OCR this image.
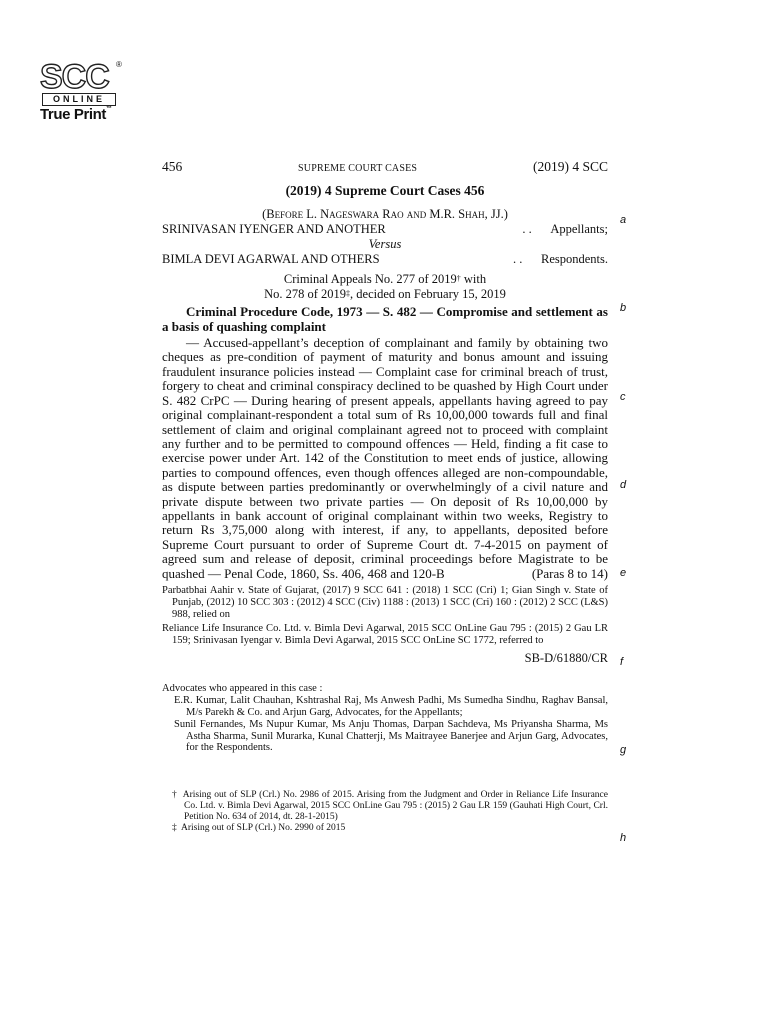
SCC ®
ONLINE
True Print™
a
b
c
d
e
f
g
h
456	SUPREME COURT CASES	(2019) 4 SCC
(2019) 4 Supreme Court Cases 456
(Before L. Nageswara Rao and M.R. Shah, JJ.)
SRINIVASAN IYENGER AND ANOTHER	. .	Appellants;
Versus
BIMLA DEVI AGARWAL AND OTHERS	. .	Respondents.
Criminal Appeals No. 277 of 2019† with
No. 278 of 2019‡, decided on February 15, 2019
Criminal Procedure Code, 1973 — S. 482 — Compromise and settlement as a basis of quashing complaint
— Accused-appellant’s deception of complainant and family by obtaining two cheques as pre-condition of payment of maturity and bonus amount and issuing fraudulent insurance policies instead — Complaint case for criminal breach of trust, forgery to cheat and criminal conspiracy declined to be quashed by High Court under S. 482 CrPC — During hearing of present appeals, appellants having agreed to pay original complainant-respondent a total sum of Rs 10,00,000 towards full and final settlement of claim and original complainant agreed not to proceed with complaint any further and to be permitted to compound offences — Held, finding a fit case to exercise power under Art. 142 of the Constitution to meet ends of justice, allowing parties to compound offences, even though offences alleged are non-compoundable, as dispute between parties predominantly or overwhelmingly of a civil nature and private dispute between two private parties — On deposit of Rs 10,00,000 by appellants in bank account of original complainant within two weeks, Registry to return Rs 3,75,000 along with interest, if any, to appellants, deposited before Supreme Court pursuant to order of Supreme Court dt. 7-4-2015 on payment of agreed sum and release of deposit, criminal proceedings before Magistrate to be quashed — Penal Code, 1860, Ss. 406, 468 and 120-B	(Paras 8 to 14)
Parbatbhai Aahir v. State of Gujarat, (2017) 9 SCC 641 : (2018) 1 SCC (Cri) 1; Gian Singh v. State of Punjab, (2012) 10 SCC 303 : (2012) 4 SCC (Civ) 1188 : (2013) 1 SCC (Cri) 160 : (2012) 2 SCC (L&S) 988, relied on
Reliance Life Insurance Co. Ltd. v. Bimla Devi Agarwal, 2015 SCC OnLine Gau 795 : (2015) 2 Gau LR 159; Srinivasan Iyengar v. Bimla Devi Agarwal, 2015 SCC OnLine SC 1772, referred to
SB-D/61880/CR
Advocates who appeared in this case :
E.R. Kumar, Lalit Chauhan, Kshtrashal Raj, Ms Anwesh Padhi, Ms Sumedha Sindhu, Raghav Bansal, M/s Parekh & Co. and Arjun Garg, Advocates, for the Appellants;
Sunil Fernandes, Ms Nupur Kumar, Ms Anju Thomas, Darpan Sachdeva, Ms Priyansha Sharma, Ms Astha Sharma, Sunil Murarka, Kunal Chatterji, Ms Maitrayee Banerjee and Arjun Garg, Advocates, for the Respondents.
† Arising out of SLP (Crl.) No. 2986 of 2015. Arising from the Judgment and Order in Reliance Life Insurance Co. Ltd. v. Bimla Devi Agarwal, 2015 SCC OnLine Gau 795 : (2015) 2 Gau LR 159 (Gauhati High Court, Crl. Petition No. 634 of 2014, dt. 28-1-2015)
‡ Arising out of SLP (Crl.) No. 2990 of 2015
